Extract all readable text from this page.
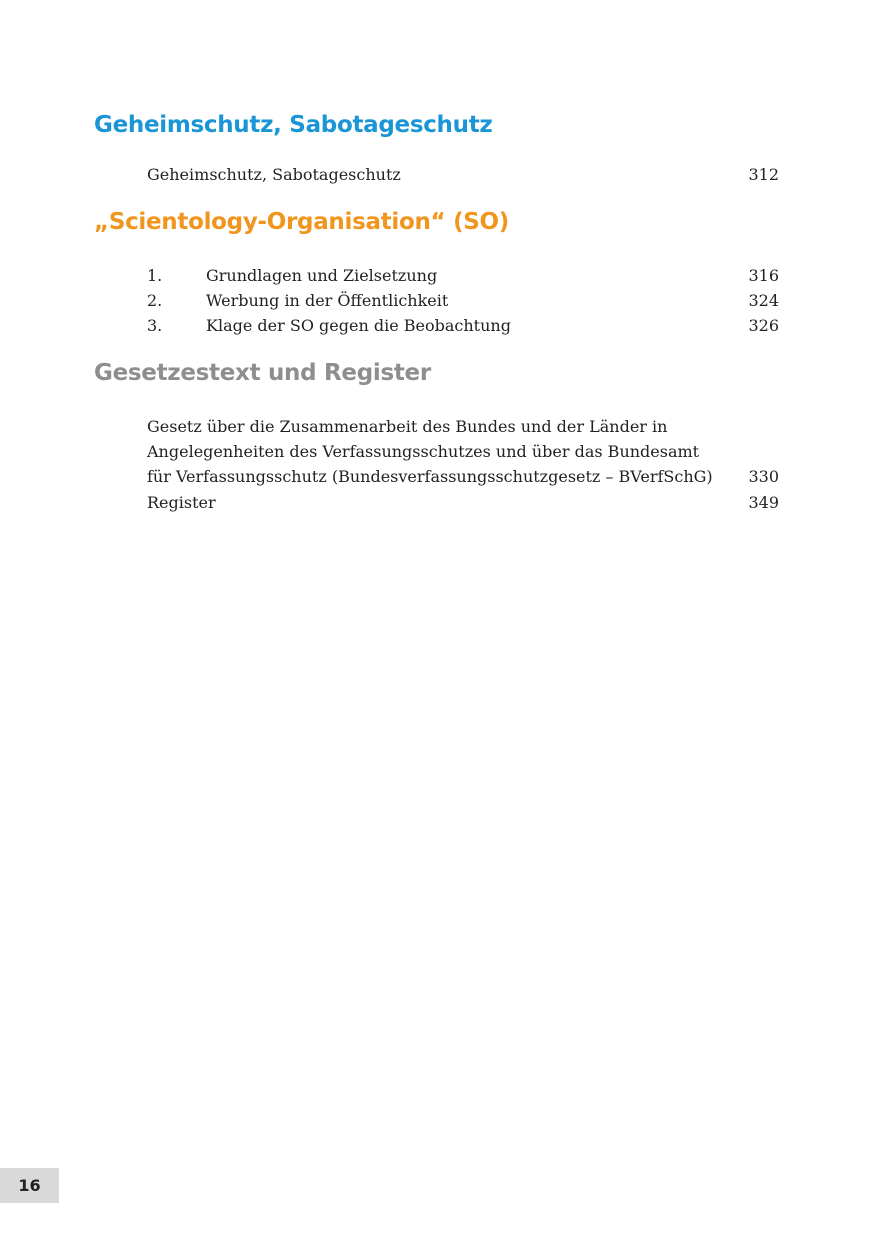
Geheimschutz, Sabotageschutz
Geheimschutz, Sabotageschutz	312
„Scientology-Organisation“ (SO)
1.	Grundlagen und Zielsetzung	316
2.	Werbung in der Öffentlichkeit	324
3.	Klage der SO gegen die Beobachtung	326
Gesetzestext und Register
Gesetz über die Zusammenarbeit des Bundes und der Länder in
Angelegenheiten des Verfassungsschutzes und über das Bundesamt
für Verfassungsschutz (Bundesverfassungsschutzgesetz – BVerfSchG) 330
Register	349
16
